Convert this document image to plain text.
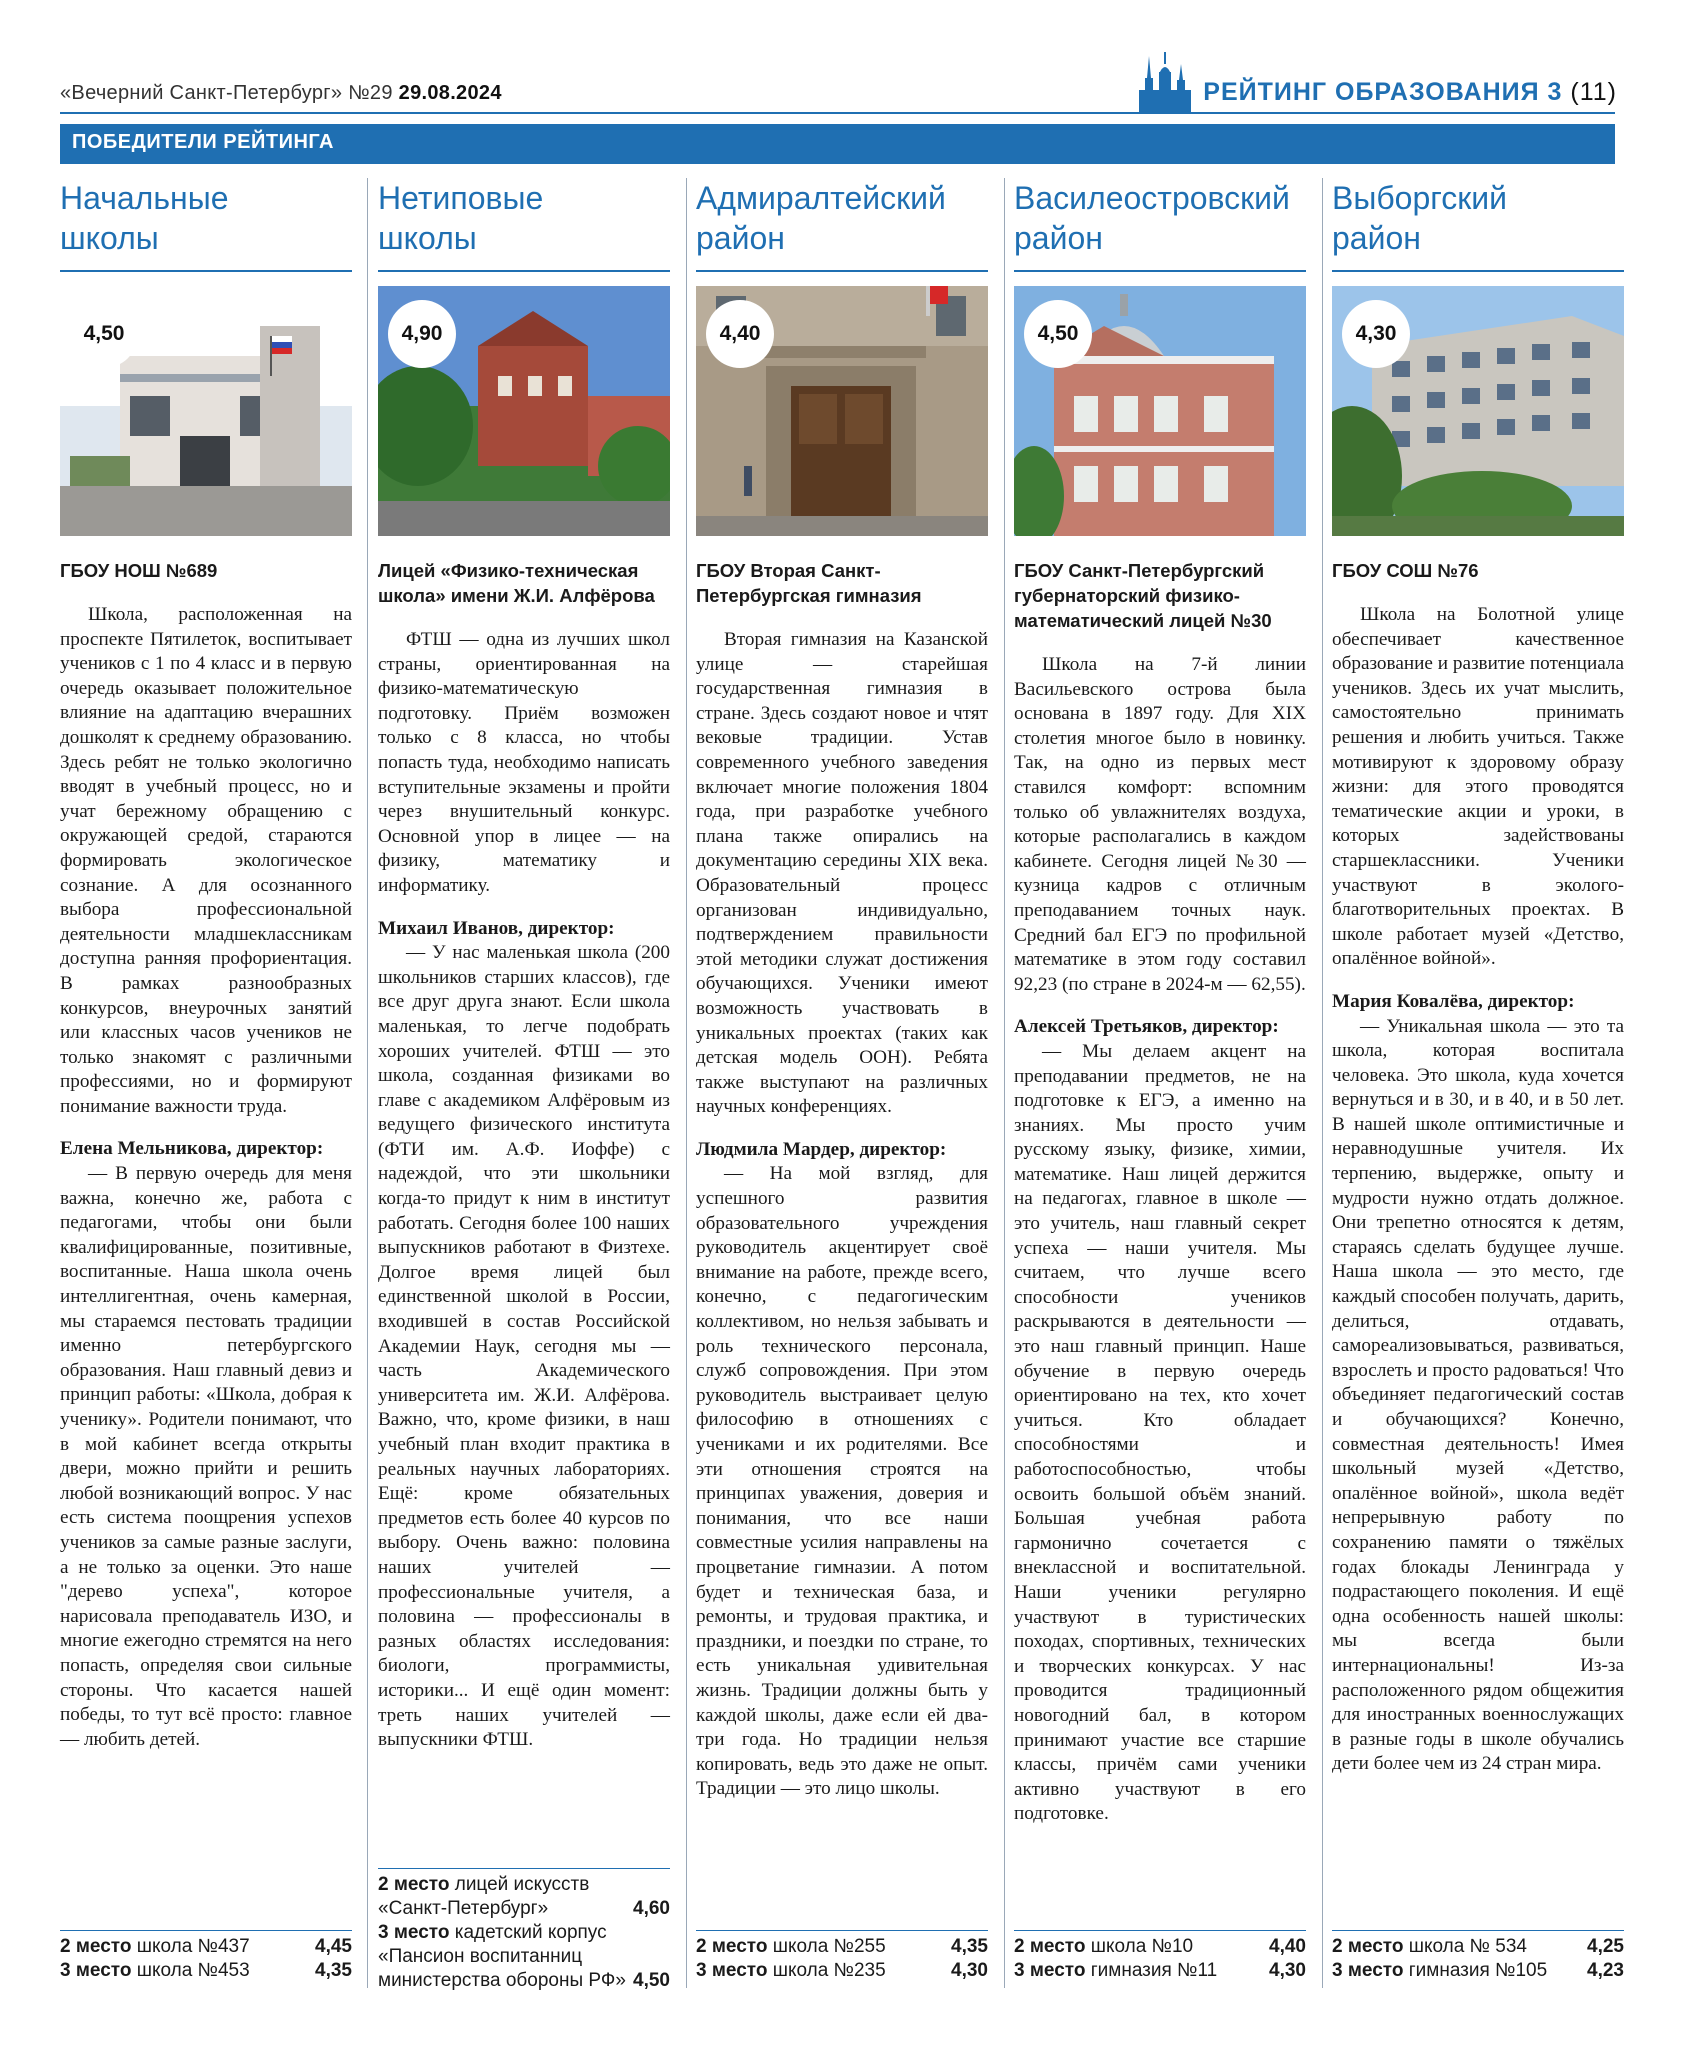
«Вечерний Санкт-Петербург» №29 29.08.2024	РЕЙТИНГ ОБРАЗОВАНИЯ 3 (11)
ПОБЕДИТЕЛИ РЕЙТИНГА
Начальные
школы
4,50
ГБОУ НОШ №689

Школа, расположенная на проспекте Пятилеток, воспитывает учеников с 1 по 4 класс и в первую очередь оказывает положительное влияние на адаптацию вчерашних дошколят к среднему образованию. Здесь ребят не только экологично вводят в учебный процесс, но и учат бережному обращению с окружающей средой, стараются формировать экологическое сознание. А для осознанного выбора профессиональной деятельности младшеклассникам доступна ранняя профориентация. В рамках разнообразных конкурсов, внеурочных занятий или классных часов учеников не только знакомят с различными профессиями, но и формируют понимание важности труда.

Елена Мельникова, директор:

— В первую очередь для меня важна, конечно же, работа с педагогами, чтобы они были квалифицированные, позитивные, воспитанные. Наша школа очень интеллигентная, очень камерная, мы стараемся пестовать традиции именно петербургского образования. Наш главный девиз и принцип работы: «Школа, добрая к ученику». Родители понимают, что в мой кабинет всегда открыты двери, можно прийти и решить любой возникающий вопрос. У нас есть система поощрения успехов учеников за самые разные заслуги, а не только за оценки. Это наше "дерево успеха", которое нарисовала преподаватель ИЗО, и многие ежегодно стремятся на него попасть, определяя свои сильные стороны. Что касается нашей победы, то тут всё просто: главное — любить детей.

2 место школа №437	4,45
3 место школа №453	4,35
Нетиповые
школы
4,90
Лицей «Физико-техническая школа» имени Ж.И. Алфёрова

ФТШ — одна из лучших школ страны, ориентированная на физико-математическую подготовку. Приём возможен только с 8 класса, но чтобы попасть туда, необходимо написать вступительные экзамены и пройти через внушительный конкурс. Основной упор в лицее — на физику, математику и информатику.

Михаил Иванов, директор:

— У нас маленькая школа (200 школьников старших классов), где все друг друга знают. Если школа маленькая, то легче подобрать хороших учителей. ФТШ — это школа, созданная физиками во главе с академиком Алфёровым из ведущего физического института (ФТИ им. А.Ф. Иоффе) с надеждой, что эти школьники когда-то придут к ним в институт работать. Сегодня более 100 наших выпускников работают в Физтехе. Долгое время лицей был единственной школой в России, входившей в состав Российской Академии Наук, сегодня мы — часть Академического университета им. Ж.И. Алфёрова. Важно, что, кроме физики, в наш учебный план входит практика в реальных научных лабораториях. Ещё: кроме обязательных предметов есть более 40 курсов по выбору. Очень важно: половина наших учителей — профессиональные учителя, а половина — профессионалы в разных областях исследования: биологи, программисты, историки... И ещё один момент: треть наших учителей — выпускники ФТШ.

2 место лицей искусств «Санкт-Петербург»	4,60
3 место кадетский корпус «Пансион воспитанниц министерства обороны РФ» 4,50
Адмиралтейский
район
4,40
ГБОУ Вторая Санкт-Петербургская гимназия

Вторая гимназия на Казанской улице — старейшая государственная гимназия в стране. Здесь создают новое и чтят вековые традиции. Устав современного учебного заведения включает многие положения 1804 года, при разработке учебного плана также опирались на документацию середины XIX века. Образовательный процесс организован индивидуально, подтверждением правильности этой методики служат достижения обучающихся. Ученики имеют возможность участвовать в уникальных проектах (таких как детская модель ООН). Ребята также выступают на различных научных конференциях.

Людмила Мардер, директор:

— На мой взгляд, для успешного развития образовательного учреждения руководитель акцентирует своё внимание на работе, прежде всего, конечно, с педагогическим коллективом, но нельзя забывать и роль технического персонала, служб сопровождения. При этом руководитель выстраивает целую философию в отношениях с учениками и их родителями. Все эти отношения строятся на принципах уважения, доверия и понимания, что все наши совместные усилия направлены на процветание гимназии. А потом будет и техническая база, и ремонты, и трудовая практика, и праздники, и поездки по стране, то есть уникальная удивительная жизнь. Традиции должны быть у каждой школы, даже если ей два-три года. Но традиции нельзя копировать, ведь это даже не опыт. Традиции — это лицо школы.

2 место школа №255	4,35
3 место школа №235	4,30
Василеостровский
район
4,50
ГБОУ Санкт-Петербургский губернаторский физико-математический лицей №30

Школа на 7-й линии Васильевского острова была основана в 1897 году. Для XIX столетия многое было в новинку. Так, на одно из первых мест ставился комфорт: вспомним только об увлажнителях воздуха, которые располагались в каждом кабинете. Сегодня лицей №30 — кузница кадров с отличным преподаванием точных наук. Средний бал ЕГЭ по профильной математике в этом году составил 92,23 (по стране в 2024-м — 62,55).

Алексей Третьяков, директор:

— Мы делаем акцент на преподавании предметов, не на подготовке к ЕГЭ, а именно на знаниях. Мы просто учим русскому языку, физике, химии, математике. Наш лицей держится на педагогах, главное в школе — это учитель, наш главный секрет успеха — наши учителя. Мы считаем, что лучше всего способности учеников раскрываются в деятельности — это наш главный принцип. Наше обучение в первую очередь ориентировано на тех, кто хочет учиться. Кто обладает способностями и работоспособностью, чтобы освоить большой объём знаний. Большая учебная работа гармонично сочетается с внеклассной и воспитательной. Наши ученики регулярно участвуют в туристических походах, спортивных, технических и творческих конкурсах. У нас проводится традиционный новогодний бал, в котором принимают участие все старшие классы, причём сами ученики активно участвуют в его подготовке.

2 место школа №10	4,40
3 место гимназия №11	4,30
Выборгский
район
4,30
ГБОУ СОШ №76

Школа на Болотной улице обеспечивает качественное образование и развитие потенциала учеников. Здесь их учат мыслить, самостоятельно принимать решения и любить учиться. Также мотивируют к здоровому образу жизни: для этого проводятся тематические акции и уроки, в которых задействованы старшеклассники. Ученики участвуют в эколого-благотворительных проектах. В школе работает музей «Детство, опалённое войной».

Мария Ковалёва, директор:

— Уникальная школа — это та школа, которая воспитала человека. Это школа, куда хочется вернуться и в 30, и в 40, и в 50 лет. В нашей школе оптимистичные и неравнодушные учителя. Их терпению, выдержке, опыту и мудрости нужно отдать должное. Они трепетно относятся к детям, стараясь сделать будущее лучше. Наша школа — это место, где каждый способен получать, дарить, делиться, отдавать, самореализовываться, развиваться, взрослеть и просто радоваться! Что объединяет педагогический состав и обучающихся? Конечно, совместная деятельность! Имея школьный музей «Детство, опалённое войной», школа ведёт непрерывную работу по сохранению памяти о тяжёлых годах блокады Ленинграда у подрастающего поколения. И ещё одна особенность нашей школы: мы всегда были интернациональны! Из-за расположенного рядом общежития для иностранных военнослужащих в разные годы в школе обучались дети более чем из 24 стран мира.

2 место школа № 534	4,25
3 место гимназия №105 4,23
